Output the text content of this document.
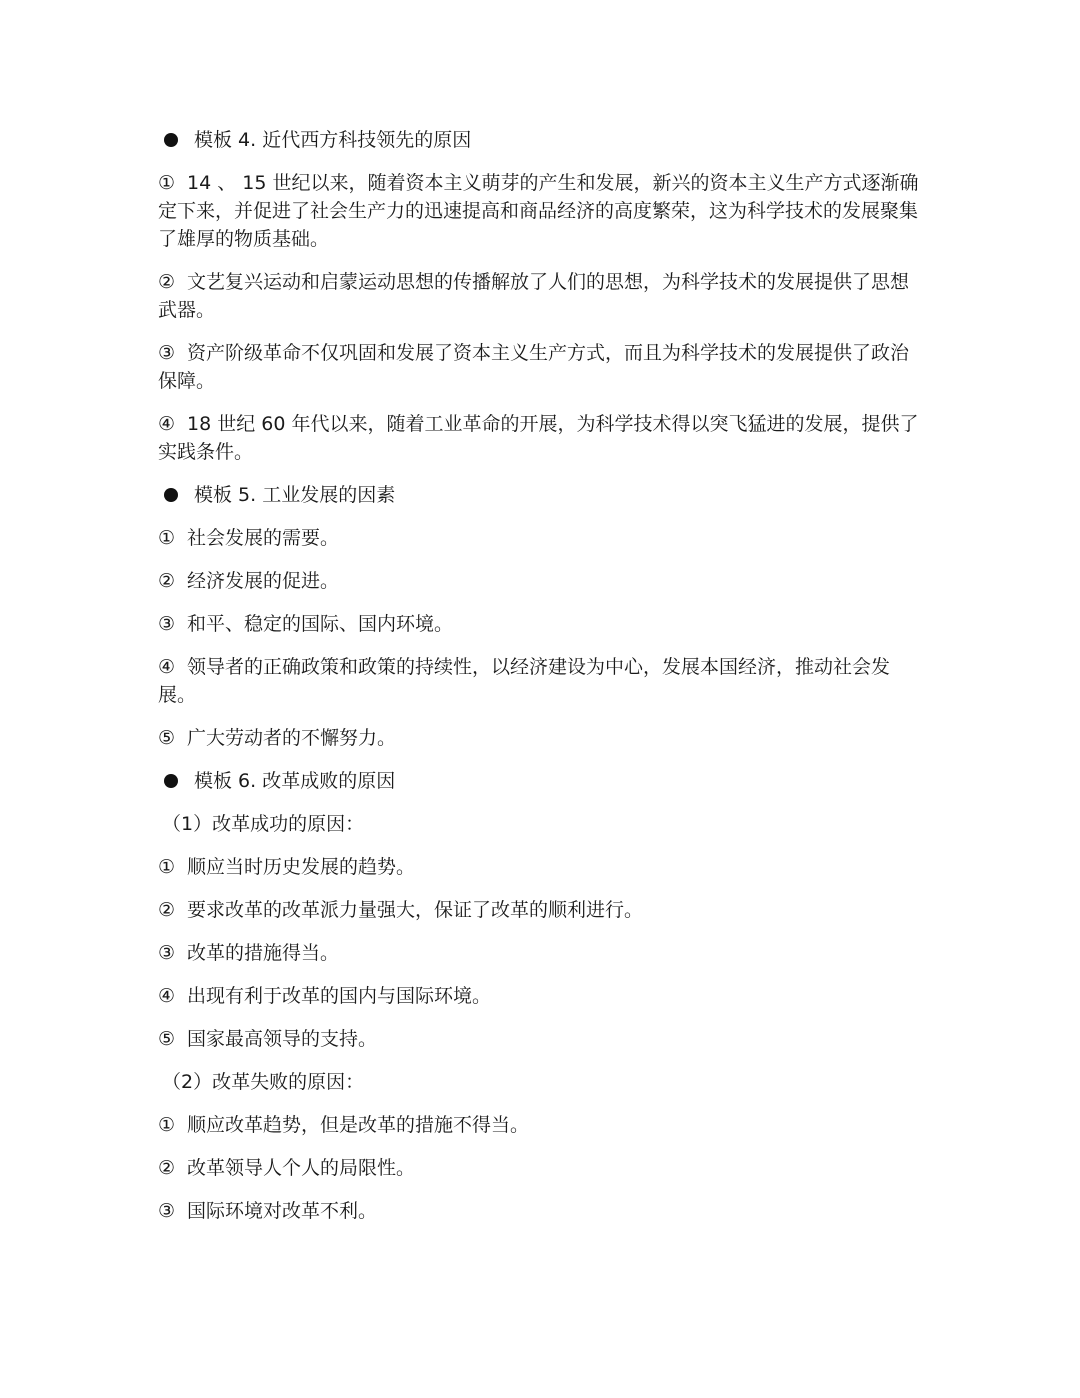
模板 4. 近代西方科技领先的原因
① 14 、 15 世纪以来，随着资本主义萌芽的产生和发展，新兴的资本主义生产方式逐渐确定下来，并促进了社会生产力的迅速提高和商品经济的高度繁荣，这为科学技术的发展聚集了雄厚的物质基础。
② 文艺复兴运动和启蒙运动思想的传播解放了人们的思想，为科学技术的发展提供了思想武器。
③ 资产阶级革命不仅巩固和发展了资本主义生产方式，而且为科学技术的发展提供了政治保障。
④ 18 世纪 60 年代以来，随着工业革命的开展，为科学技术得以突飞猛进的发展，提供了实践条件。
模板 5. 工业发展的因素
① 社会发展的需要。
② 经济发展的促进。
③ 和平、稳定的国际、国内环境。
④ 领导者的正确政策和政策的持续性，以经济建设为中心，发展本国经济，推动社会发展。
⑤ 广大劳动者的不懈努力。
模板 6. 改革成败的原因
（1）改革成功的原因：
① 顺应当时历史发展的趋势。
② 要求改革的改革派力量强大，保证了改革的顺利进行。
③ 改革的措施得当。
④ 出现有利于改革的国内与国际环境。
⑤ 国家最高领导的支持。
（2）改革失败的原因：
① 顺应改革趋势，但是改革的措施不得当。
② 改革领导人个人的局限性。
③ 国际环境对改革不利。
